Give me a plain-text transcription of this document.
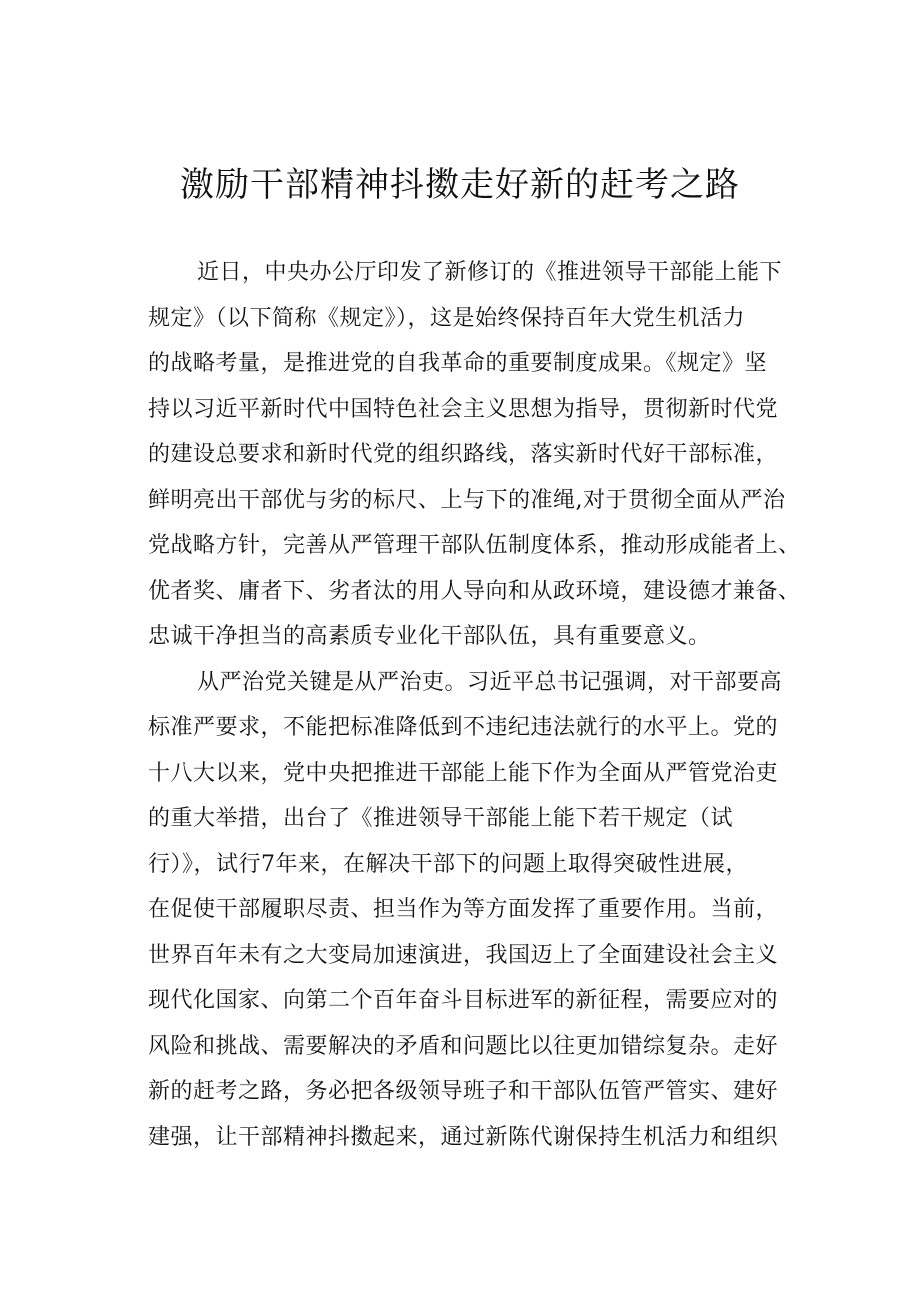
激励干部精神抖擞走好新的赶考之路
近日，中央办公厅印发了新修订的《推进领导干部能上能下
规定》（以下简称《规定》），这是始终保持百年大党生机活力
的战略考量，是推进党的自我革命的重要制度成果。《规定》坚
持以习近平新时代中国特色社会主义思想为指导，贯彻新时代党
的建设总要求和新时代党的组织路线，落实新时代好干部标准，
鲜明亮出干部优与劣的标尺、上与下的准绳,对于贯彻全面从严治
党战略方针，完善从严管理干部队伍制度体系，推动形成能者上、
优者奖、庸者下、劣者汰的用人导向和从政环境，建设德才兼备、
忠诚干净担当的高素质专业化干部队伍，具有重要意义。
从严治党关键是从严治吏。习近平总书记强调，对干部要高
标准严要求，不能把标准降低到不违纪违法就行的水平上。党的
十八大以来，党中央把推进干部能上能下作为全面从严管党治吏
的重大举措，出台了《推进领导干部能上能下若干规定（试
行）》，试行7年来，在解决干部下的问题上取得突破性进展，
在促使干部履职尽责、担当作为等方面发挥了重要作用。当前，
世界百年未有之大变局加速演进，我国迈上了全面建设社会主义
现代化国家、向第二个百年奋斗目标进军的新征程，需要应对的
风险和挑战、需要解决的矛盾和问题比以往更加错综复杂。走好
新的赶考之路，务必把各级领导班子和干部队伍管严管实、建好
建强，让干部精神抖擞起来，通过新陈代谢保持生机活力和组织
